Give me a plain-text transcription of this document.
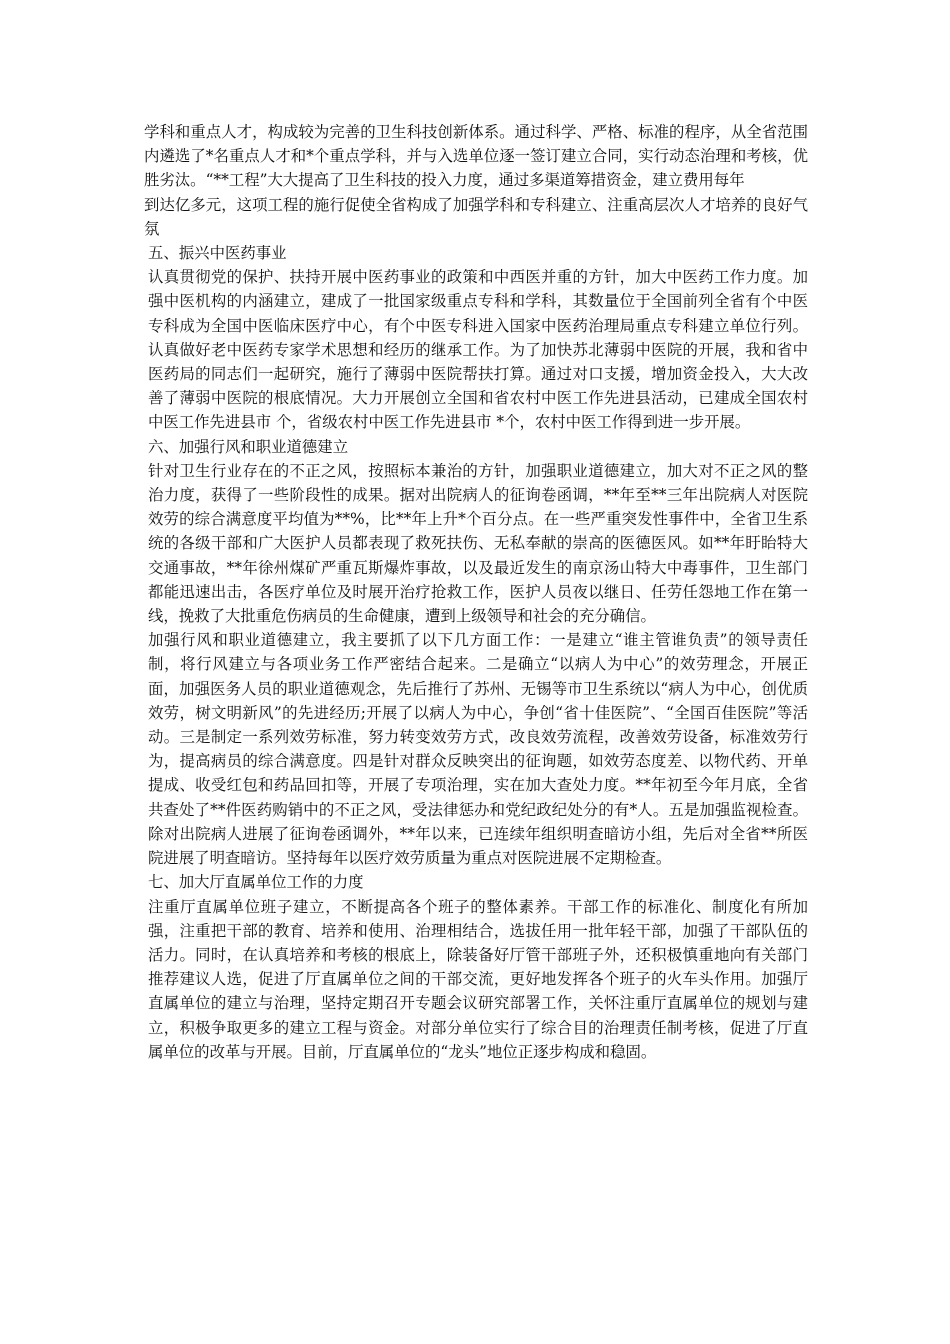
学科和重点人才，构成较为完善的卫生科技创新体系。通过科学、严格、标准的程序，从全省范围内遴选了*名重点人才和*个重点学科，并与入选单位逐一签订建立合同，实行动态治理和考核，优胜劣汰。“**工程”大大提高了卫生科技的投入力度，通过多渠道筹措资金，建立费用每年

到达亿多元，这项工程的施行促使全省构成了加强学科和专科建立、注重高层次人才培养的良好气氛

五、振兴中医药事业

认真贯彻党的保护、扶持开展中医药事业的政策和中西医并重的方针，加大中医药工作力度。加强中医机构的内涵建立，建成了一批国家级重点专科和学科，其数量位于全国前列全省有个中医专科成为全国中医临床医疗中心，有个中医专科进入国家中医药治理局重点专科建立单位行列。认真做好老中医药专家学术思想和经历的继承工作。为了加快苏北薄弱中医院的开展，我和省中医药局的同志们一起研究，施行了薄弱中医院帮扶打算。通过对口支援，增加资金投入，大大改善了薄弱中医院的根底情况。大力开展创立全国和省农村中医工作先进县活动，已建成全国农村中医工作先进县市 个，省级农村中医工作先进县市 *个，农村中医工作得到进一步开展。

六、加强行风和职业道德建立

针对卫生行业存在的不正之风，按照标本兼治的方针，加强职业道德建立，加大对不正之风的整治力度，获得了一些阶段性的成果。据对出院病人的征询卷函调，**年至**三年出院病人对医院效劳的综合满意度平均值为**%，比**年上升*个百分点。在一些严重突发性事件中，全省卫生系统的各级干部和广大医护人员都表现了救死扶伤、无私奉献的崇高的医德医风。如**年盱眙特大交通事故，**年徐州煤矿严重瓦斯爆炸事故，以及最近发生的南京汤山特大中毒事件，卫生部门都能迅速出击，各医疗单位及时展开治疗抢救工作，医护人员夜以继日、任劳任怨地工作在第一线，挽救了大批重危伤病员的生命健康，遭到上级领导和社会的充分确信。

加强行风和职业道德建立，我主要抓了以下几方面工作：一是建立“谁主管谁负责”的领导责任制，将行风建立与各项业务工作严密结合起来。二是确立“以病人为中心”的效劳理念，开展正面，加强医务人员的职业道德观念，先后推行了苏州、无锡等市卫生系统以“病人为中心，创优质效劳，树文明新风”的先进经历;开展了以病人为中心，争创“省十佳医院”、“全国百佳医院”等活动。三是制定一系列效劳标准，努力转变效劳方式，改良效劳流程，改善效劳设备，标准效劳行为，提高病员的综合满意度。四是针对群众反映突出的征询题，如效劳态度差、以物代药、开单提成、收受红包和药品回扣等，开展了专项治理，实在加大查处力度。**年初至今年月底，全省共查处了**件医药购销中的不正之风，受法律惩办和党纪政纪处分的有*人。五是加强监视检查。除对出院病人进展了征询卷函调外，**年以来，已连续年组织明查暗访小组，先后对全省**所医院进展了明查暗访。坚持每年以医疗效劳质量为重点对医院进展不定期检查。

七、加大厅直属单位工作的力度

注重厅直属单位班子建立，不断提高各个班子的整体素养。干部工作的标准化、制度化有所加强，注重把干部的教育、培养和使用、治理相结合，选拔任用一批年轻干部，加强了干部队伍的活力。同时，在认真培养和考核的根底上，除装备好厅管干部班子外，还积极慎重地向有关部门推荐建议人选，促进了厅直属单位之间的干部交流，更好地发挥各个班子的火车头作用。加强厅直属单位的建立与治理，坚持定期召开专题会议研究部署工作，关怀注重厅直属单位的规划与建立，积极争取更多的建立工程与资金。对部分单位实行了综合目的治理责任制考核，促进了厅直属单位的改革与开展。目前，厅直属单位的“龙头”地位正逐步构成和稳固。
